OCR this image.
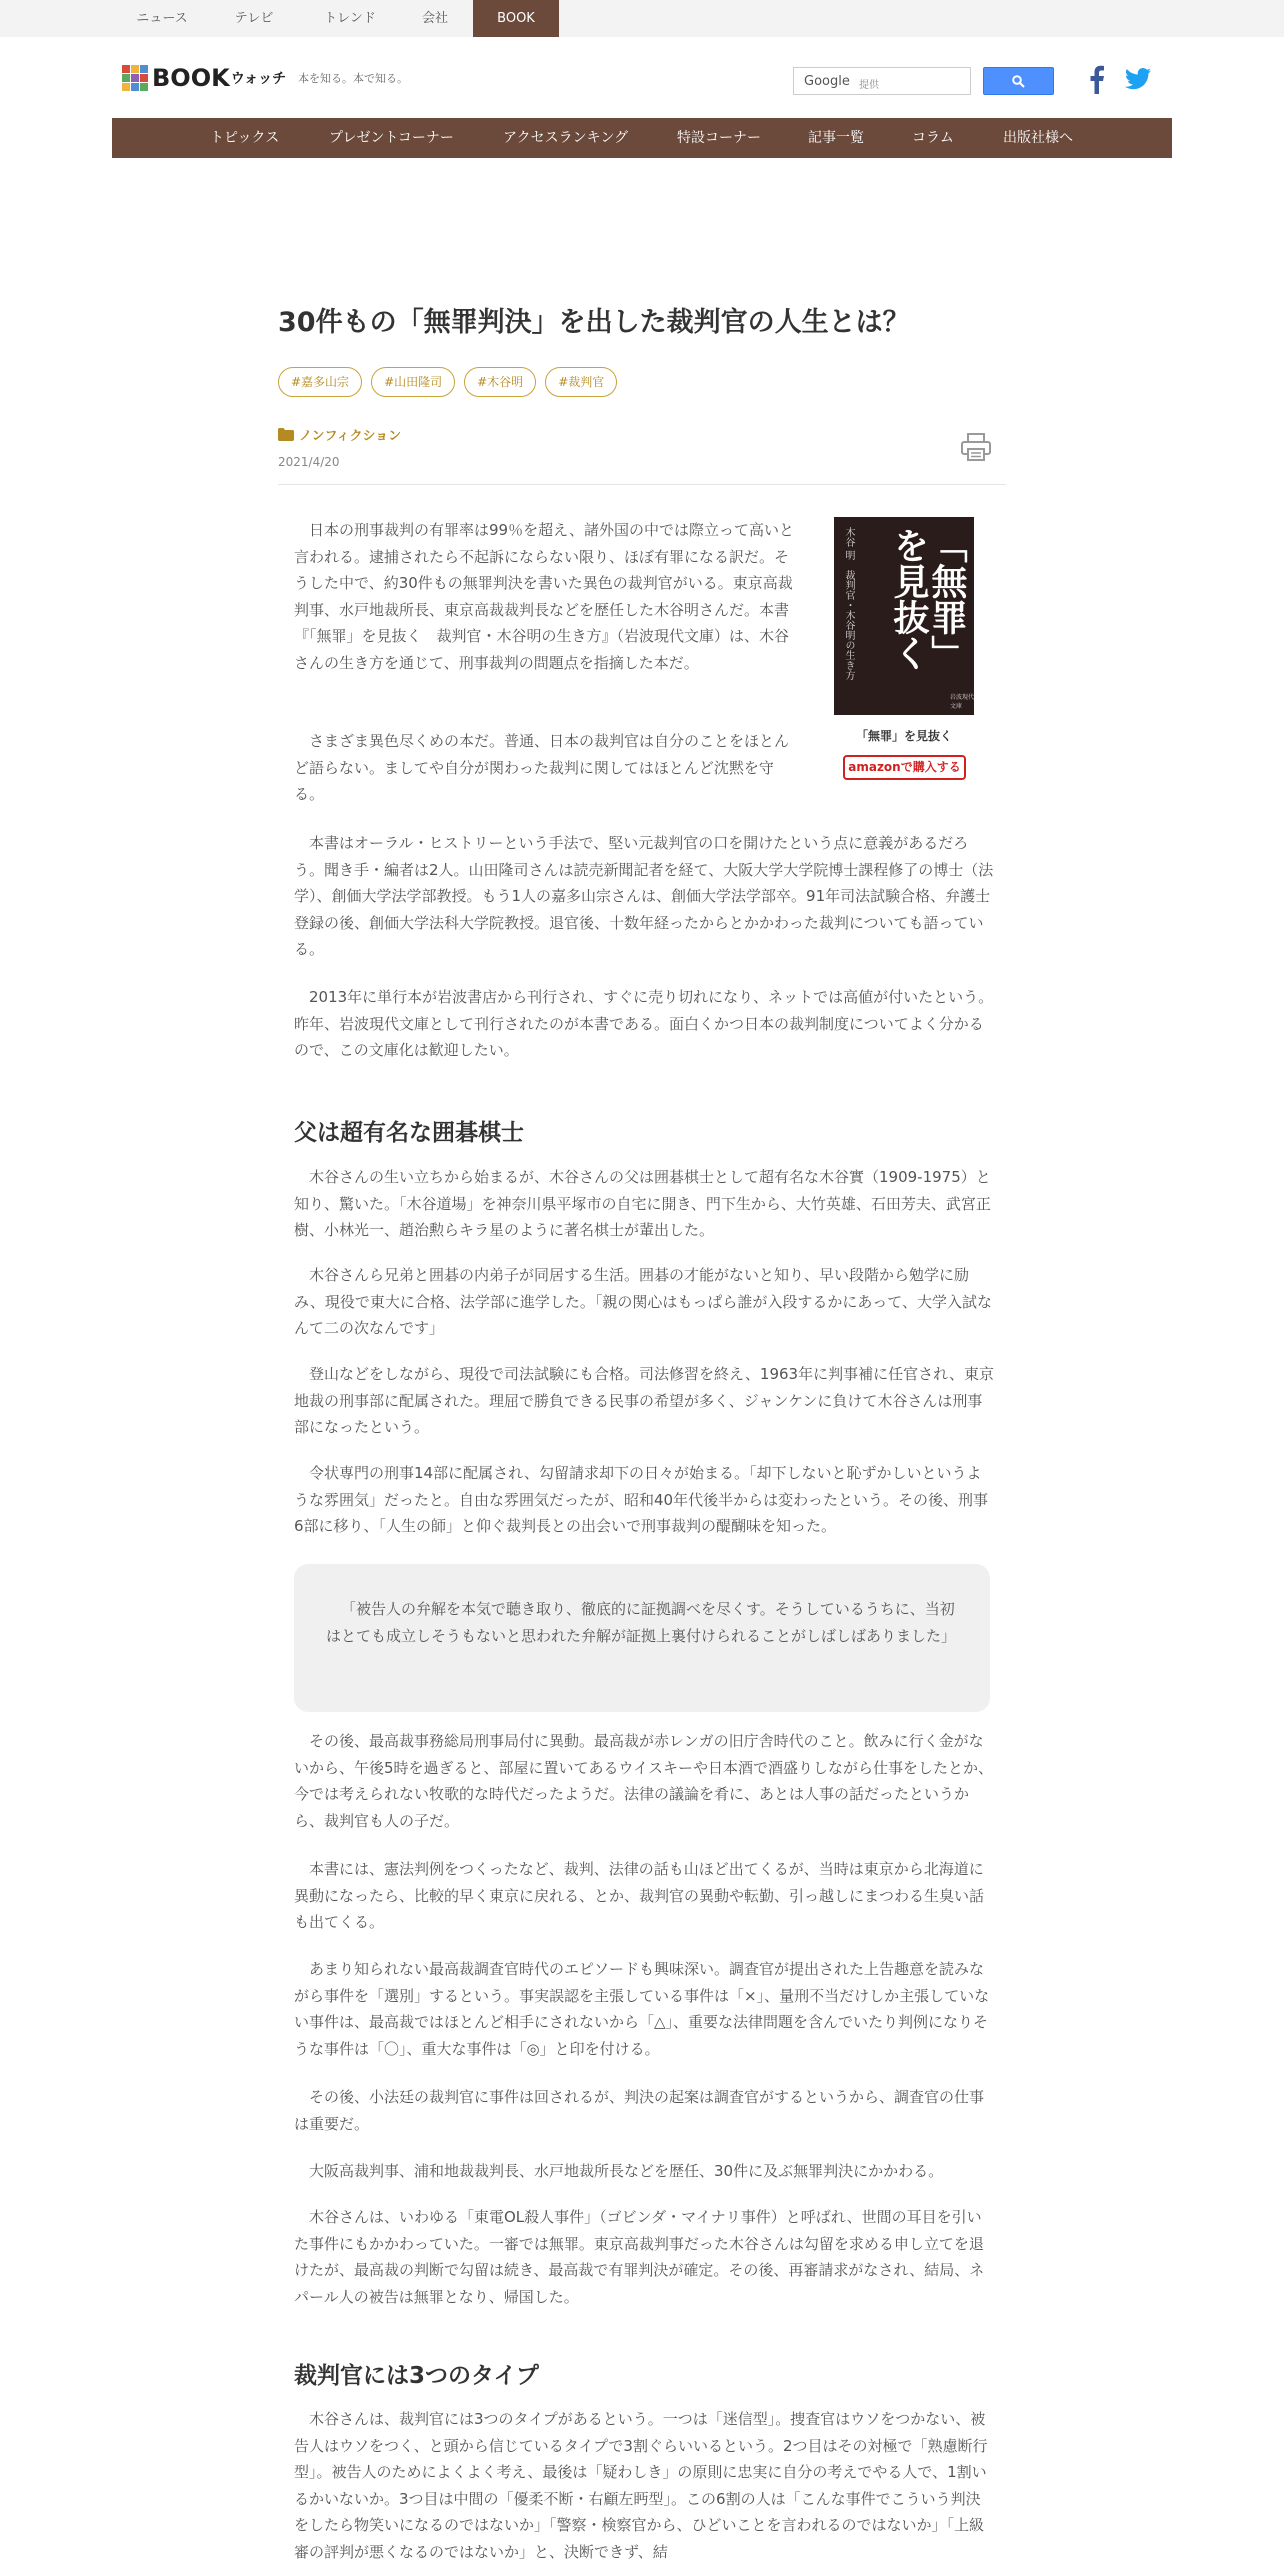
ニュース	テレビ	トレンド	会社	BOOK
BOOK ウォッチ 本を知る。本で知る。	Google 提供
トピックス	プレゼントコーナー	アクセスランキング	特設コーナー	記事一覧	コラム	出版社様へ
30件もの「無罪判決」を出した裁判官の人生とは？
#嘉多山宗	#山田隆司	#木谷明	#裁判官
ノンフィクション
2021/4/20

日本の刑事裁判の有罪率は99％を超え、諸外国の中では際立って高いと言われる。逮捕されたら不起訴にならない限り、ほぼ有罪になる訳だ。そうした中で、約30件もの無罪判決を書いた異色の裁判官がいる。東京高裁判事、水戸地裁所長、東京高裁裁判長などを歴任した木谷明さんだ。本書『「無罪」を見抜く　裁判官・木谷明の生き方』（岩波現代文庫）は、木谷さんの生き方を通じて、刑事裁判の問題点を指摘した本だ。

さまざま異色尽くめの本だ。普通、日本の裁判官は自分のことをほとんど語らない。ましてや自分が関わった裁判に関してはほとんど沈黙を守る。

木谷 明　裁判官・木谷明の生き方	「無罪」を見抜く
岩波現代文庫
「無罪」を見抜く
amazonで購入する

本書はオーラル・ヒストリーという手法で、堅い元裁判官の口を開けたという点に意義があるだろう。聞き手・編者は2人。山田隆司さんは読売新聞記者を経て、大阪大学大学院博士課程修了の博士（法学）、創価大学法学部教授。もう1人の嘉多山宗さんは、創価大学法学部卒。91年司法試験合格、弁護士登録の後、創価大学法科大学院教授。退官後、十数年経ったからとかかわった裁判についても語っている。

2013年に単行本が岩波書店から刊行され、すぐに売り切れになり、ネットでは高値が付いたという。昨年、岩波現代文庫として刊行されたのが本書である。面白くかつ日本の裁判制度についてよく分かるので、この文庫化は歓迎したい。

父は超有名な囲碁棋士

木谷さんの生い立ちから始まるが、木谷さんの父は囲碁棋士として超有名な木谷實（1909-1975）と知り、驚いた。「木谷道場」を神奈川県平塚市の自宅に開き、門下生から、大竹英雄、石田芳夫、武宮正樹、小林光一、趙治勲らキラ星のように著名棋士が輩出した。

木谷さんら兄弟と囲碁の内弟子が同居する生活。囲碁の才能がないと知り、早い段階から勉学に励み、現役で東大に合格、法学部に進学した。「親の関心はもっぱら誰が入段するかにあって、大学入試なんて二の次なんです」

登山などをしながら、現役で司法試験にも合格。司法修習を終え、1963年に判事補に任官され、東京地裁の刑事部に配属された。理屈で勝負できる民事の希望が多く、ジャンケンに負けて木谷さんは刑事部になったという。

令状専門の刑事14部に配属され、勾留請求却下の日々が始まる。「却下しないと恥ずかしいというような雰囲気」だったと。自由な雰囲気だったが、昭和40年代後半からは変わったという。その後、刑事6部に移り、「人生の師」と仰ぐ裁判長との出会いで刑事裁判の醍醐味を知った。

「被告人の弁解を本気で聴き取り、徹底的に証拠調べを尽くす。そうしているうちに、当初はとても成立しそうもないと思われた弁解が証拠上裏付けられることがしばしばありました」

その後、最高裁事務総局刑事局付に異動。最高裁が赤レンガの旧庁舎時代のこと。飲みに行く金がないから、午後5時を過ぎると、部屋に置いてあるウイスキーや日本酒で酒盛りしながら仕事をしたとか、今では考えられない牧歌的な時代だったようだ。法律の議論を肴に、あとは人事の話だったというから、裁判官も人の子だ。

本書には、憲法判例をつくったなど、裁判、法律の話も山ほど出てくるが、当時は東京から北海道に異動になったら、比較的早く東京に戻れる、とか、裁判官の異動や転勤、引っ越しにまつわる生臭い話も出てくる。

あまり知られない最高裁調査官時代のエピソードも興味深い。調査官が提出された上告趣意を読みながら事件を「選別」するという。事実誤認を主張している事件は「×」、量刑不当だけしか主張していない事件は、最高裁ではほとんど相手にされないから「△」、重要な法律問題を含んでいたり判例になりそうな事件は「〇」、重大な事件は「◎」と印を付ける。

その後、小法廷の裁判官に事件は回されるが、判決の起案は調査官がするというから、調査官の仕事は重要だ。

大阪高裁判事、浦和地裁裁判長、水戸地裁所長などを歴任、30件に及ぶ無罪判決にかかわる。

木谷さんは、いわゆる「東電OL殺人事件」（ゴビンダ・マイナリ事件）と呼ばれ、世間の耳目を引いた事件にもかかわっていた。一審では無罪。東京高裁判事だった木谷さんは勾留を求める申し立てを退けたが、最高裁の判断で勾留は続き、最高裁で有罪判決が確定。その後、再審請求がなされ、結局、ネパール人の被告は無罪となり、帰国した。

裁判官には3つのタイプ

木谷さんは、裁判官には3つのタイプがあるという。一つは「迷信型」。捜査官はウソをつかない、被告人はウソをつく、と頭から信じているタイプで3割ぐらいいるという。2つ目はその対極で「熟慮断行型」。被告人のためによくよく考え、最後は「疑わしき」の原則に忠実に自分の考えでやる人で、1割いるかいないか。3つ目は中間の「優柔不断・右顧左眄型」。この6割の人は「こんな事件でこういう判決をしたら物笑いになるのではないか」「警察・検察官から、ひどいことを言われるのではないか」「上級審の評判が悪くなるのではないか」と、決断できず、結
